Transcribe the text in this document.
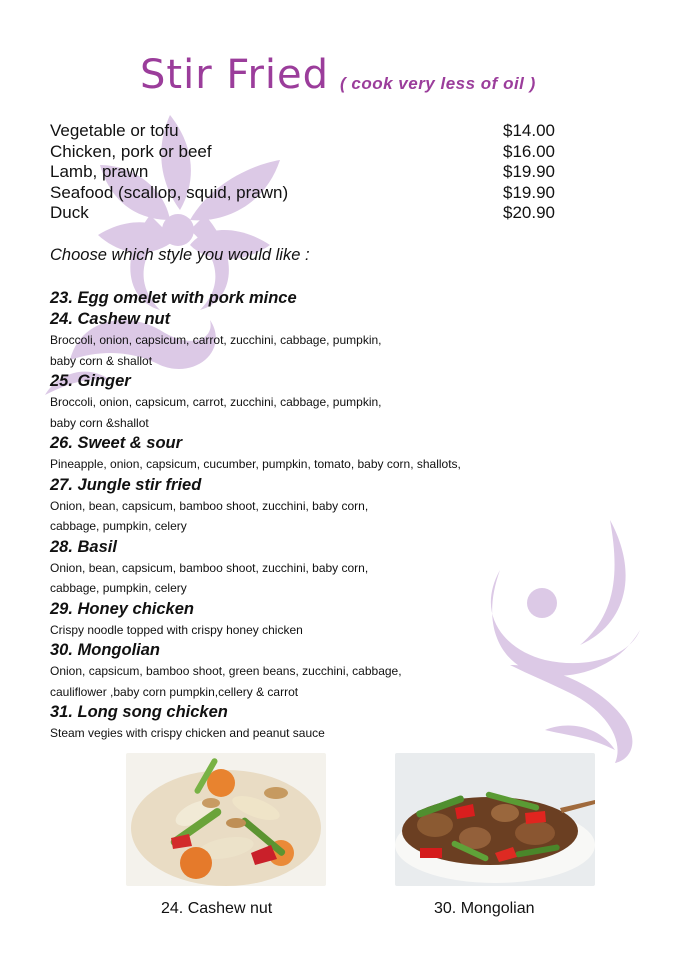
Stir Fried ( cook very less of oil )
Vegetable or tofu	$14.00
Chicken, pork or beef	$16.00
Lamb, prawn	$19.90
Seafood (scallop, squid, prawn)	$19.90
Duck	$20.90
Choose which style you would like :
23. Egg omelet with pork mince
24. Cashew nut
Broccoli, onion, capsicum, carrot, zucchini, cabbage, pumpkin,
baby corn & shallot
25. Ginger
Broccoli, onion, capsicum, carrot, zucchini, cabbage, pumpkin,
baby corn &shallot
26. Sweet & sour
Pineapple, onion, capsicum, cucumber, pumpkin, tomato, baby corn, shallots,
27. Jungle stir fried
Onion, bean, capsicum, bamboo shoot, zucchini, baby corn,
cabbage, pumpkin, celery
28. Basil
Onion, bean, capsicum, bamboo shoot, zucchini, baby corn,
cabbage, pumpkin, celery
29. Honey chicken
Crispy noodle topped with crispy honey chicken
30. Mongolian
Onion, capsicum, bamboo shoot, green beans, zucchini, cabbage,
cauliflower ,baby corn pumpkin,cellery & carrot
31. Long song chicken
Steam vegies with crispy chicken and peanut sauce
24. Cashew nut	30. Mongolian
